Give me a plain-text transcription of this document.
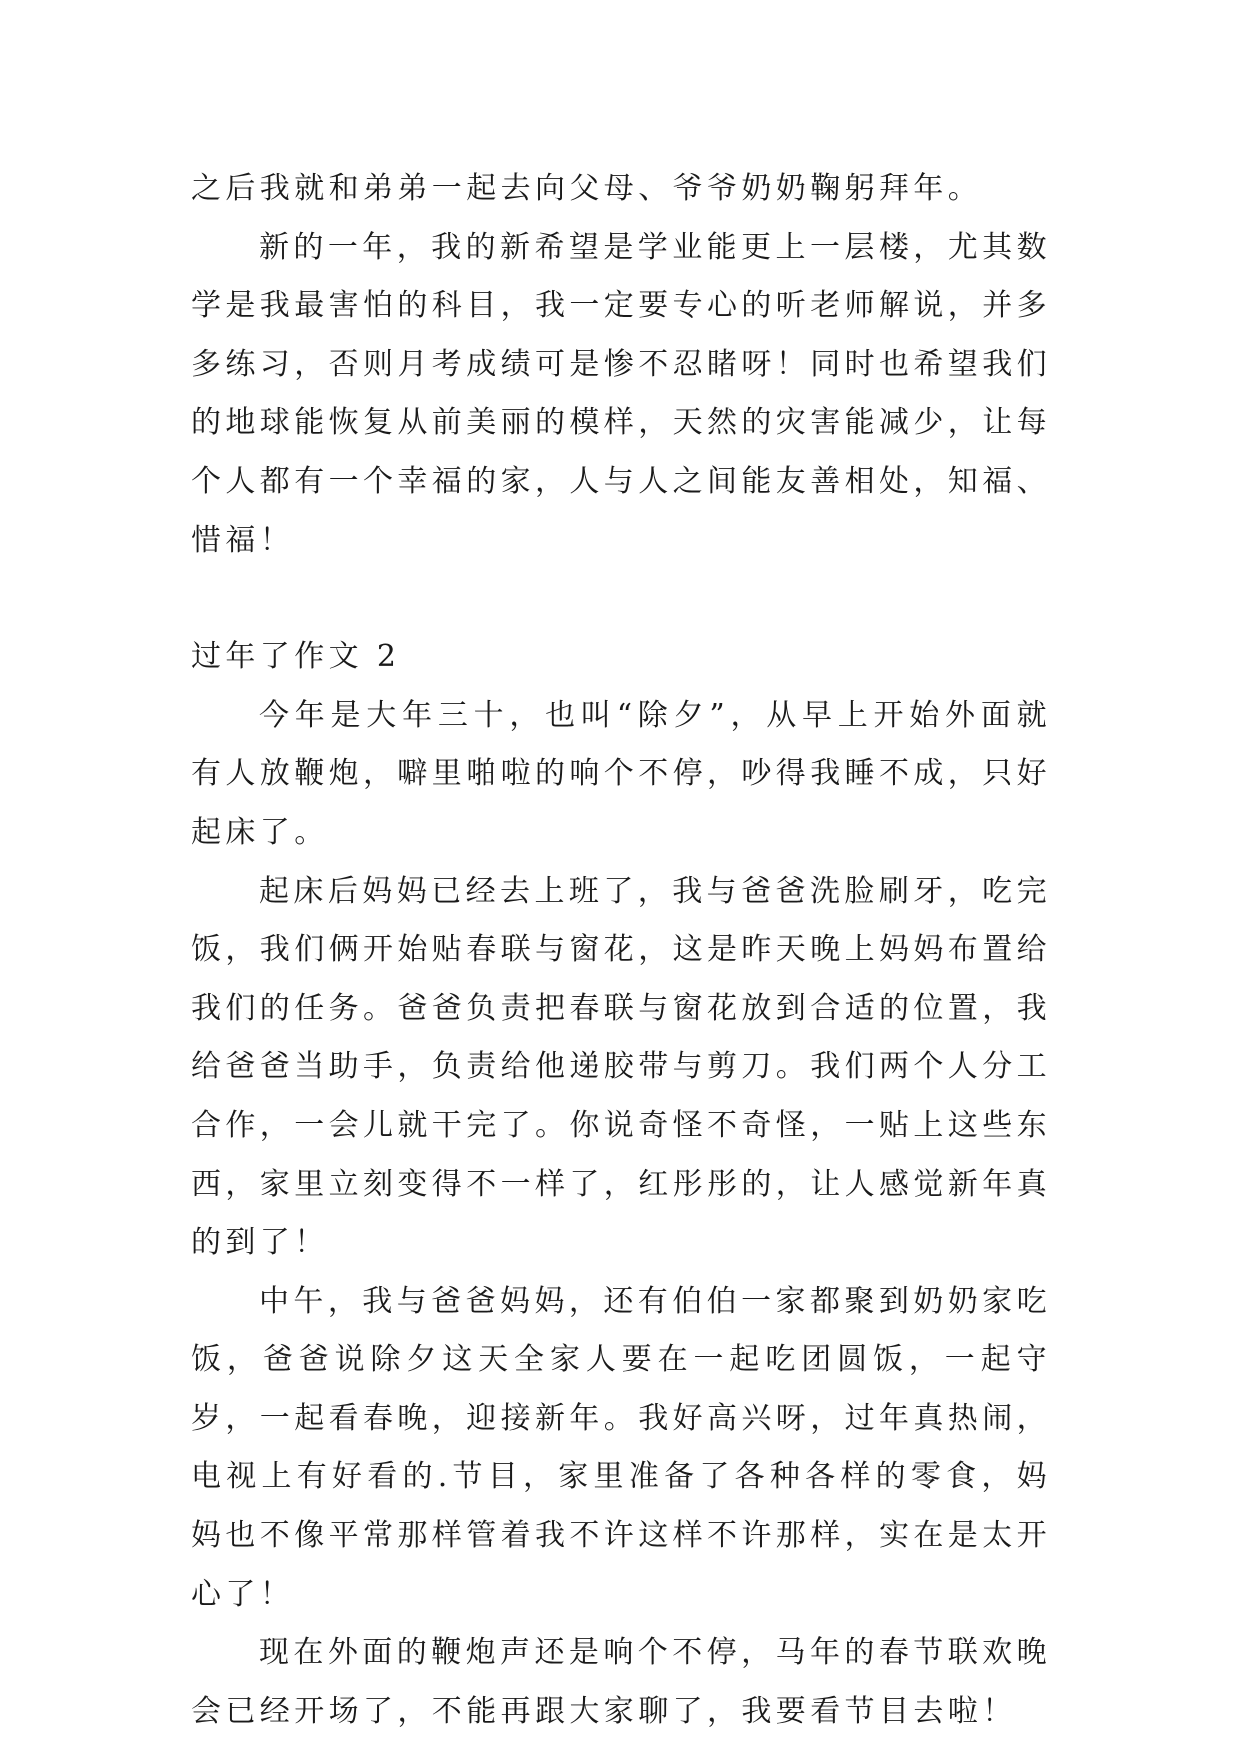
之后我就和弟弟一起去向父母、爷爷奶奶鞠躬拜年。

新的一年，我的新希望是学业能更上一层楼，尤其数学是我最害怕的科目，我一定要专心的听老师解说，并多多练习，否则月考成绩可是惨不忍睹呀！同时也希望我们的地球能恢复从前美丽的模样，天然的灾害能减少，让每个人都有一个幸福的家，人与人之间能友善相处，知福、惜福！

过年了作文 2

今年是大年三十，也叫“除夕”，从早上开始外面就有人放鞭炮，噼里啪啦的响个不停，吵得我睡不成，只好起床了。

起床后妈妈已经去上班了，我与爸爸洗脸刷牙，吃完饭，我们俩开始贴春联与窗花，这是昨天晚上妈妈布置给我们的任务。爸爸负责把春联与窗花放到合适的位置，我给爸爸当助手，负责给他递胶带与剪刀。我们两个人分工合作，一会儿就干完了。你说奇怪不奇怪，一贴上这些东西，家里立刻变得不一样了，红彤彤的，让人感觉新年真的到了！

中午，我与爸爸妈妈，还有伯伯一家都聚到奶奶家吃饭，爸爸说除夕这天全家人要在一起吃团圆饭，一起守岁，一起看春晚，迎接新年。我好高兴呀，过年真热闹，电视上有好看的.节目，家里准备了各种各样的零食，妈妈也不像平常那样管着我不许这样不许那样，实在是太开心了！

现在外面的鞭炮声还是响个不停，马年的春节联欢晚会已经开场了，不能再跟大家聊了，我要看节目去啦！
